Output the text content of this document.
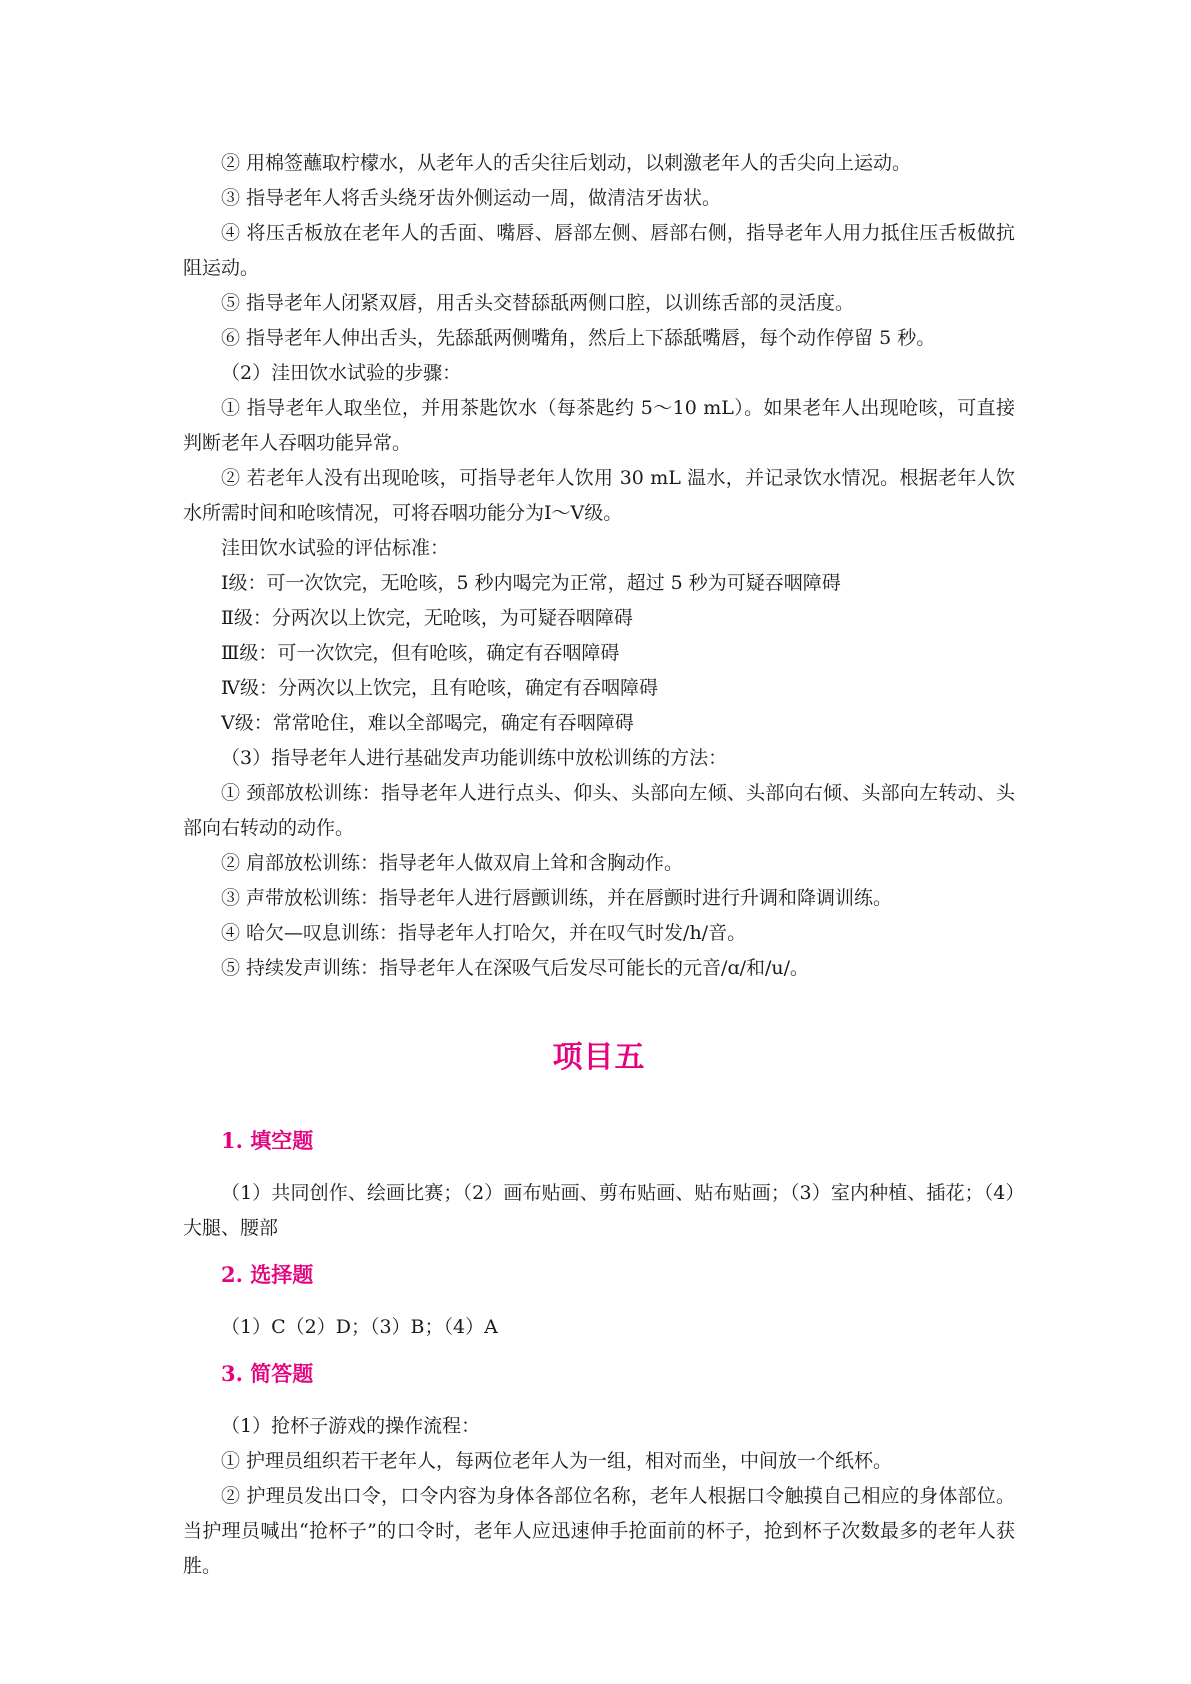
② 用棉签蘸取柠檬水，从老年人的舌尖往后划动，以刺激老年人的舌尖向上运动。

③ 指导老年人将舌头绕牙齿外侧运动一周，做清洁牙齿状。

④ 将压舌板放在老年人的舌面、嘴唇、唇部左侧、唇部右侧，指导老年人用力抵住压舌板做抗阻运动。

⑤ 指导老年人闭紧双唇，用舌头交替舔舐两侧口腔，以训练舌部的灵活度。

⑥ 指导老年人伸出舌头，先舔舐两侧嘴角，然后上下舔舐嘴唇，每个动作停留 5 秒。

（2）洼田饮水试验的步骤：

① 指导老年人取坐位，并用茶匙饮水（每茶匙约 5～10 mL）。如果老年人出现呛咳，可直接判断老年人吞咽功能异常。

② 若老年人没有出现呛咳，可指导老年人饮用 30 mL 温水，并记录饮水情况。根据老年人饮水所需时间和呛咳情况，可将吞咽功能分为Ⅰ～Ⅴ级。

洼田饮水试验的评估标准：

Ⅰ级：可一次饮完，无呛咳，5 秒内喝完为正常，超过 5 秒为可疑吞咽障碍

Ⅱ级：分两次以上饮完，无呛咳，为可疑吞咽障碍

Ⅲ级：可一次饮完，但有呛咳，确定有吞咽障碍

Ⅳ级：分两次以上饮完，且有呛咳，确定有吞咽障碍

Ⅴ级：常常呛住，难以全部喝完，确定有吞咽障碍

（3）指导老年人进行基础发声功能训练中放松训练的方法：

① 颈部放松训练：指导老年人进行点头、仰头、头部向左倾、头部向右倾、头部向左转动、头部向右转动的动作。

② 肩部放松训练：指导老年人做双肩上耸和含胸动作。

③ 声带放松训练：指导老年人进行唇颤训练，并在唇颤时进行升调和降调训练。

④ 哈欠—叹息训练：指导老年人打哈欠，并在叹气时发/h/音。

⑤ 持续发声训练：指导老年人在深吸气后发尽可能长的元音/ɑ/和/u/。

项目五
1. 填空题

（1）共同创作、绘画比赛；（2）画布贴画、剪布贴画、贴布贴画；（3）室内种植、插花；（4）大腿、腰部

2. 选择题

（1）C（2）D；（3）B；（4）A

3. 简答题

（1）抢杯子游戏的操作流程：

① 护理员组织若干老年人，每两位老年人为一组，相对而坐，中间放一个纸杯。

② 护理员发出口令，口令内容为身体各部位名称，老年人根据口令触摸自己相应的身体部位。当护理员喊出“抢杯子”的口令时，老年人应迅速伸手抢面前的杯子，抢到杯子次数最多的老年人获胜。
